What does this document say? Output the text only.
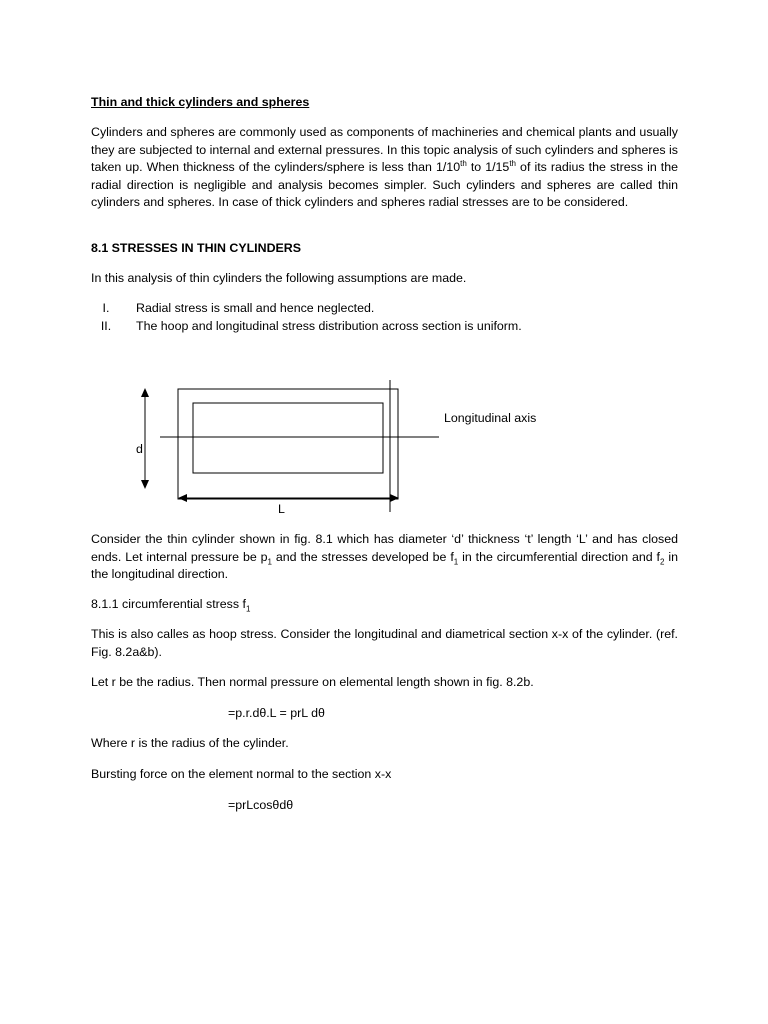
Thin and thick cylinders and spheres
Cylinders and spheres are commonly used as components of machineries and chemical plants and usually they are subjected to internal and external pressures. In this topic analysis of such cylinders and spheres is taken up. When thickness of the cylinders/sphere is less than 1/10th to 1/15th of its radius the stress in the radial direction is negligible and analysis becomes simpler. Such cylinders and spheres are called thin cylinders and spheres. In case of thick cylinders and spheres radial stresses are to be considered.
8.1 STRESSES IN THIN CYLINDERS
In this analysis of thin cylinders the following assumptions are made.
I.	Radial stress is small and hence neglected.
II.	The hoop and longitudinal stress distribution across section is uniform.
Longitudinal axis
d
L
Consider the thin cylinder shown in fig. 8.1 which has diameter ‘d’ thickness ‘t’ length ‘L’ and has closed ends. Let internal pressure be $p_1$ and the stresses developed be $f_1$ in the circumferential direction and $f_2$ in the longitudinal direction.
8.1.1 circumferential stress $f_1$
This is also calles as hoop stress. Consider the longitudinal and diametrical section x-x of the cylinder. (ref. Fig. 8.2a&b).
Let r be the radius. Then normal pressure on elemental length shown in fig. 8.2b.
=p.r.dθ.L = prL dθ
Where r is the radius of the cylinder.
Bursting force on the element normal to the section x-x
=prLcosθdθ
